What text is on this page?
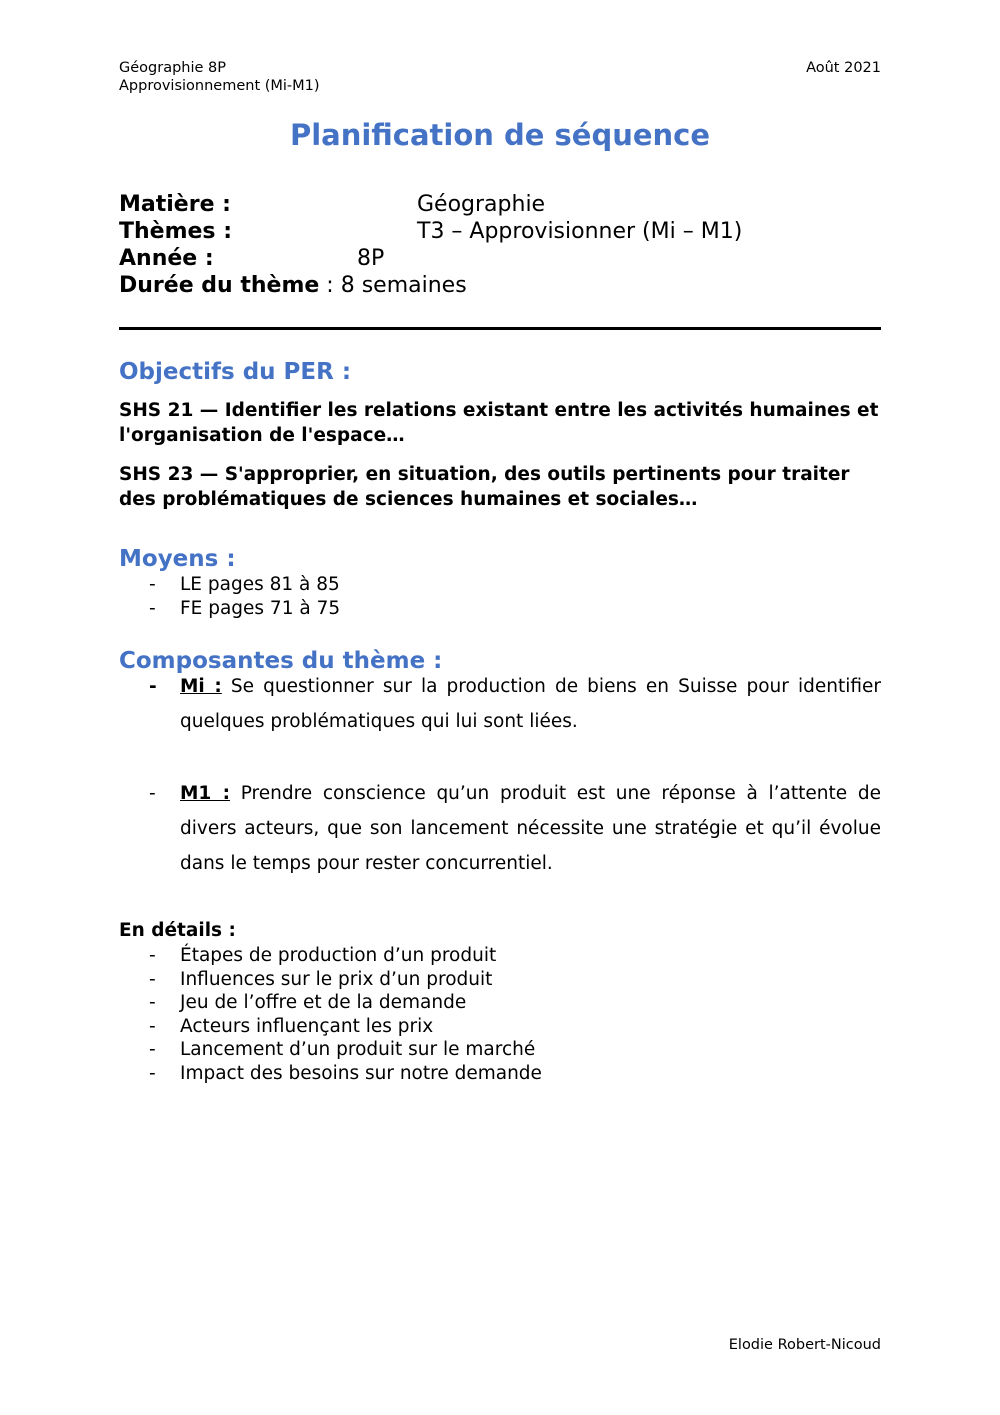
Géographie 8P
Approvisionnement (Mi-M1)
Août 2021
Planification de séquence
Matière :	Géographie
Thèmes :	T3 – Approvisionner (Mi – M1)
Année :	8P
Durée du thème : 8 semaines
Objectifs du PER :
SHS 21 — Identifier les relations existant entre les activités humaines et l'organisation de l'espace…
SHS 23 — S'approprier, en situation, des outils pertinents pour traiter des problématiques de sciences humaines et sociales…
Moyens :
- LE pages 81 à 85
- FE pages 71 à 75
Composantes du thème :
- Mi : Se questionner sur la production de biens en Suisse pour identifier quelques problématiques qui lui sont liées.
- M1 : Prendre conscience qu’un produit est une réponse à l’attente de divers acteurs, que son lancement nécessite une stratégie et qu’il évolue dans le temps pour rester concurrentiel.
En détails :
- Étapes de production d’un produit
- Influences sur le prix d’un produit
- Jeu de l’offre et de la demande
- Acteurs influençant les prix
- Lancement d’un produit sur le marché
- Impact des besoins sur notre demande
Elodie Robert-Nicoud
